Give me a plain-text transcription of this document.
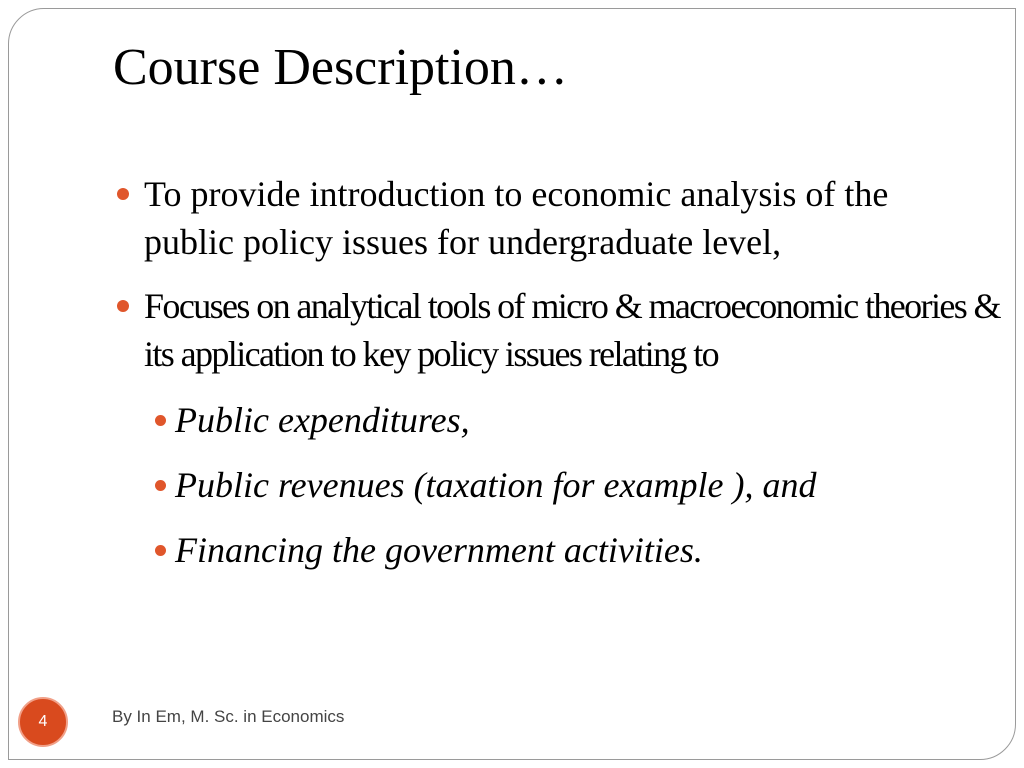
Course Description…
To provide introduction to economic analysis of the public policy issues for undergraduate level,
Focuses on analytical tools of micro & macroeconomic theories & its application to key policy issues relating to
Public expenditures,
Public revenues (taxation for example ), and
Financing the government activities.
4	By In Em, M. Sc. in Economics
